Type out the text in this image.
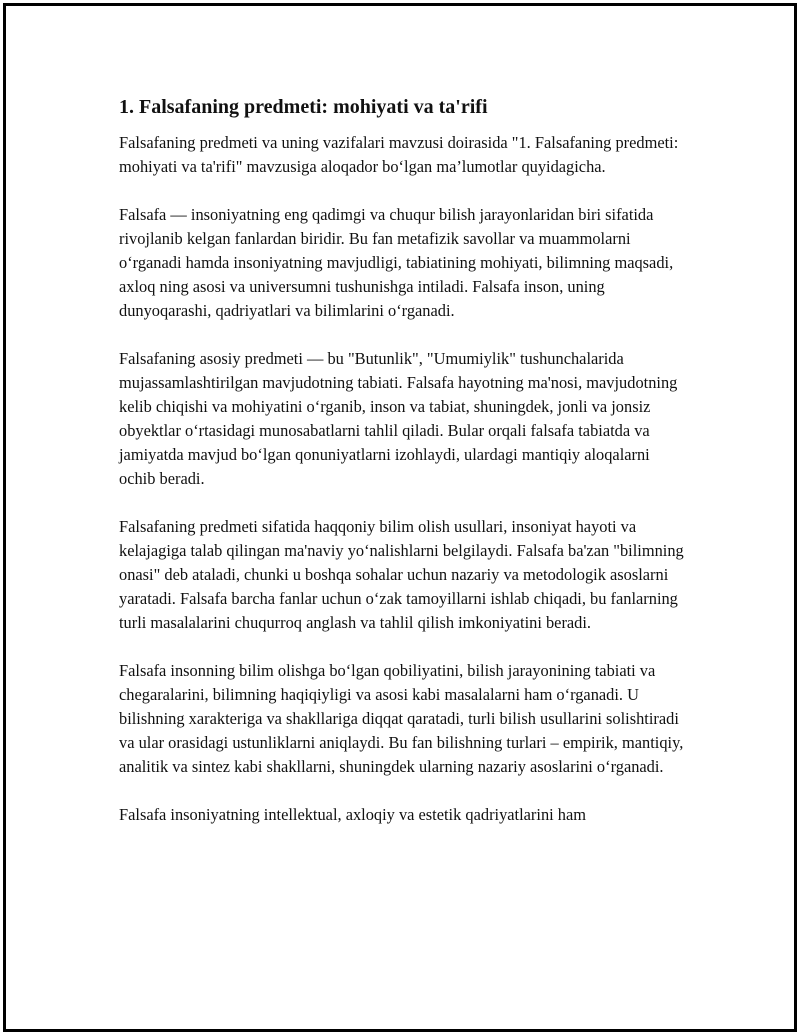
1. Falsafaning predmeti: mohiyati va ta'rifi

Falsafaning predmeti va uning vazifalari mavzusi doirasida "1. Falsafaning predmeti: mohiyati va ta'rifi" mavzusiga aloqador bo‘lgan ma’lumotlar quyidagicha.

Falsafa — insoniyatning eng qadimgi va chuqur bilish jarayonlaridan biri sifatida rivojlanib kelgan fanlardan biridir. Bu fan metafizik savollar va muammolarni o‘rganadi hamda insoniyatning mavjudligi, tabiatining mohiyati, bilimning maqsadi, axloq ning asosi va universumni tushunishga intiladi. Falsafa inson, uning dunyoqarashi, qadriyatlari va bilimlarini o‘rganadi.

Falsafaning asosiy predmeti — bu "Butunlik", "Umumiylik" tushunchalarida mujassamlashtirilgan mavjudotning tabiati. Falsafa hayotning ma'nosi, mavjudotning kelib chiqishi va mohiyatini o‘rganib, inson va tabiat, shuningdek, jonli va jonsiz obyektlar o‘rtasidagi munosabatlarni tahlil qiladi. Bular orqali falsafa tabiatda va jamiyatda mavjud bo‘lgan qonuniyatlarni izohlaydi, ulardagi mantiqiy aloqalarni ochib beradi.

Falsafaning predmeti sifatida haqqoniy bilim olish usullari, insoniyat hayoti va kelajagiga talab qilingan ma'naviy yo‘nalishlarni belgilaydi. Falsafa ba'zan "bilimning onasi" deb ataladi, chunki u boshqa sohalar uchun nazariy va metodologik asoslarni yaratadi. Falsafa barcha fanlar uchun o‘zak tamoyillarni ishlab chiqadi, bu fanlarning turli masalalarini chuqurroq anglash va tahlil qilish imkoniyatini beradi.

Falsafa insonning bilim olishga bo‘lgan qobiliyatini, bilish jarayonining tabiati va chegaralarini, bilimning haqiqiyligi va asosi kabi masalalarni ham o‘rganadi. U bilishning xarakteriga va shakllariga diqqat qaratadi, turli bilish usullarini solishtiradi va ular orasidagi ustunliklarni aniqlaydi. Bu fan bilishning turlari – empirik, mantiqiy, analitik va sintez kabi shakllarni, shuningdek ularning nazariy asoslarini o‘rganadi.

Falsafa insoniyatning intellektual, axloqiy va estetik qadriyatlarini ham
